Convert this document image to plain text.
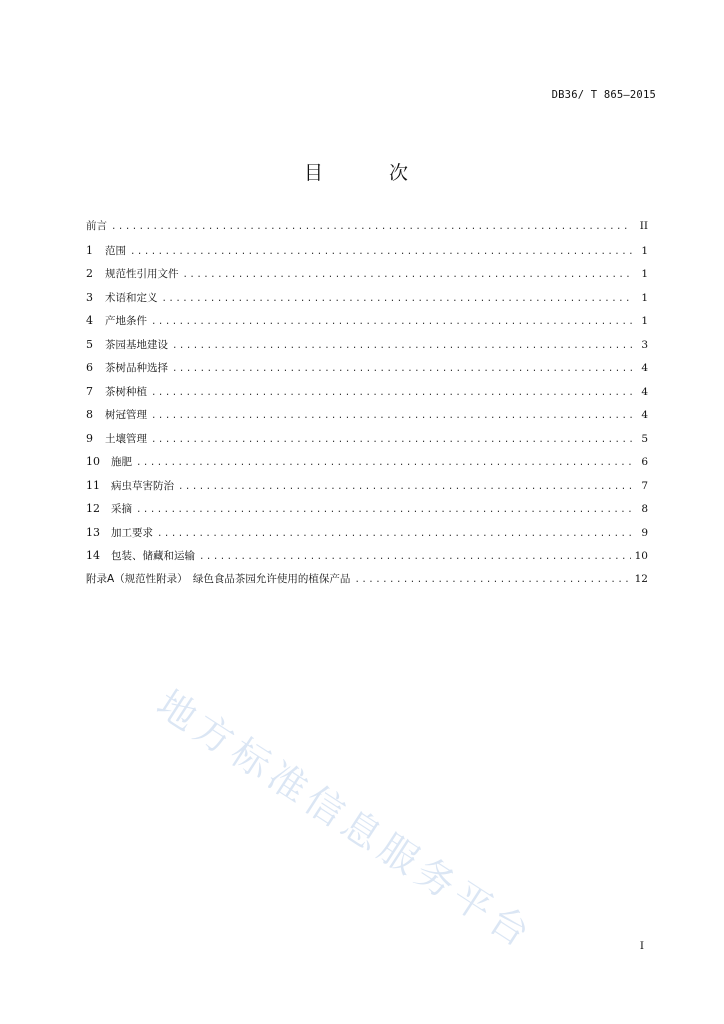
DB36/ T 865—2015
目 次
前言 .....	II
1	范围 .....	1
2	规范性引用文件 .....	1
3	术语和定义 .....	1
4	产地条件 .....	1
5	茶园基地建设 .....	3
6	茶树品种选择 .....	4
7	茶树种植 .....	4
8	树冠管理 .....	4
9	土壤管理 .....	5
10	施肥 .....	6
11	病虫草害防治 .....	7
12	采摘 .....	8
13	加工要求 .....	9
14	包装、储藏和运输 .....	10
附录A （规范性附录）　绿色食品茶园允许使用的植保产品 .....	12
地方标准信息服务平台	I
